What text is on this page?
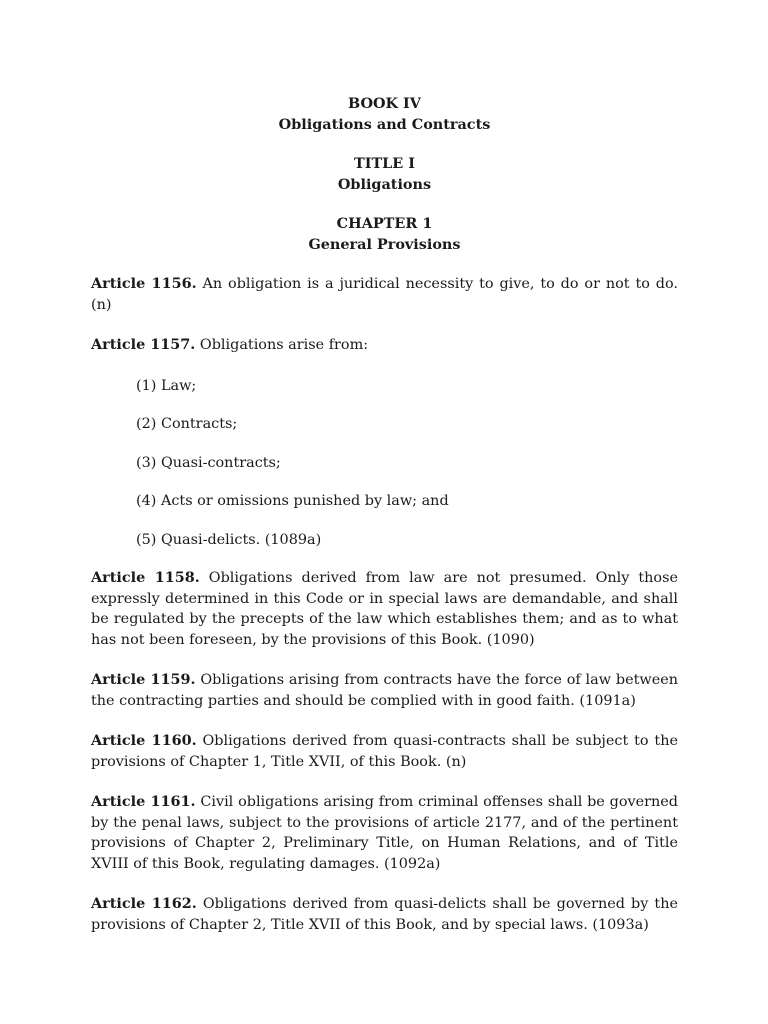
BOOK IV
Obligations and Contracts
TITLE I
Obligations
CHAPTER 1
General Provisions

Article 1156. An obligation is a juridical necessity to give, to do or not to do. (n)

Article 1157. Obligations arise from:

(1) Law;
(2) Contracts;
(3) Quasi-contracts;
(4) Acts or omissions punished by law; and
(5) Quasi-delicts. (1089a)

Article 1158. Obligations derived from law are not presumed. Only those expressly determined in this Code or in special laws are demandable, and shall be regulated by the precepts of the law which establishes them; and as to what has not been foreseen, by the provisions of this Book. (1090)

Article 1159. Obligations arising from contracts have the force of law between the contracting parties and should be complied with in good faith. (1091a)

Article 1160. Obligations derived from quasi-contracts shall be subject to the provisions of Chapter 1, Title XVII, of this Book. (n)

Article 1161. Civil obligations arising from criminal offenses shall be governed by the penal laws, subject to the provisions of article 2177, and of the pertinent provisions of Chapter 2, Preliminary Title, on Human Relations, and of Title XVIII of this Book, regulating damages. (1092a)

Article 1162. Obligations derived from quasi-delicts shall be governed by the provisions of Chapter 2, Title XVII of this Book, and by special laws. (1093a)
